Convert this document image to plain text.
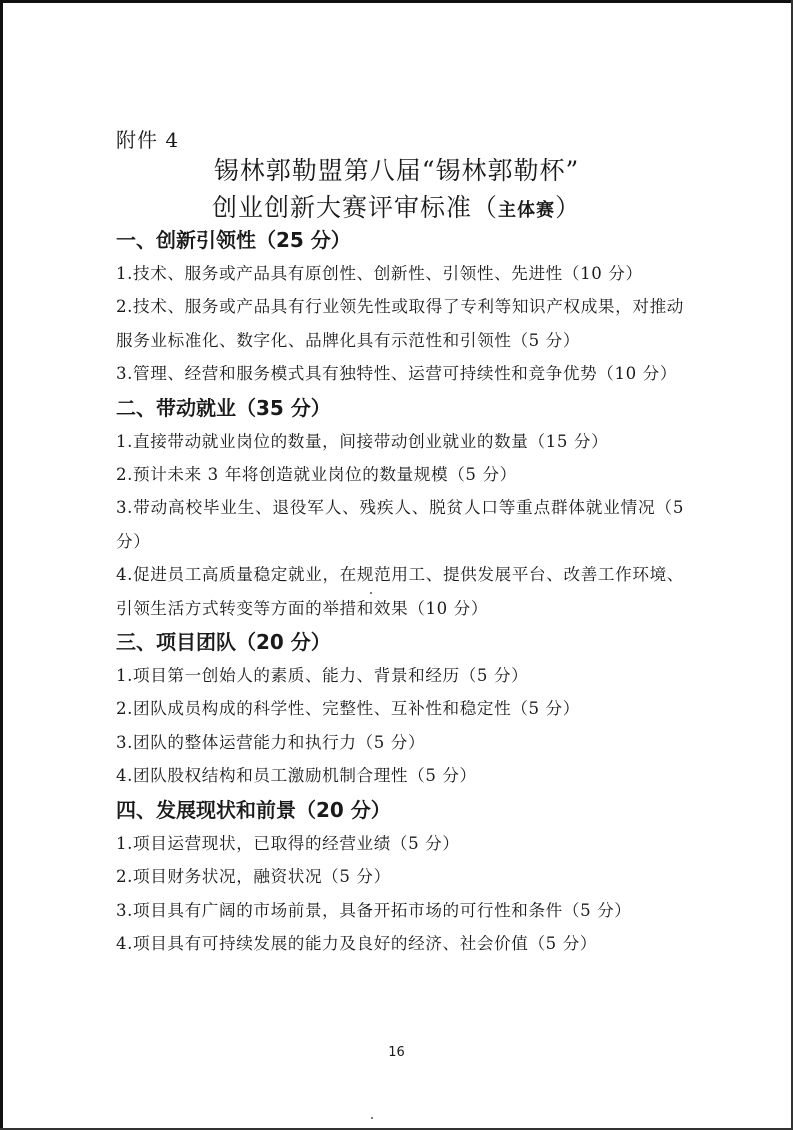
附件 4
锡林郭勒盟第八届“锡林郭勒杯”
创业创新大赛评审标准（主体赛）
一、创新引领性（25 分）
1.技术、服务或产品具有原创性、创新性、引领性、先进性（10 分）
2.技术、服务或产品具有行业领先性或取得了专利等知识产权成果，对推动服务业标准化、数字化、品牌化具有示范性和引领性（5 分）
3.管理、经营和服务模式具有独特性、运营可持续性和竞争优势（10 分）
二、带动就业（35 分）
1.直接带动就业岗位的数量，间接带动创业就业的数量（15 分）
2.预计未来 3 年将创造就业岗位的数量规模（5 分）
3.带动高校毕业生、退役军人、残疾人、脱贫人口等重点群体就业情况（5 分）
4.促进员工高质量稳定就业，在规范用工、提供发展平台、改善工作环境、引领生活方式转变等方面的举措和效果（10 分）
三、项目团队（20 分）
1.项目第一创始人的素质、能力、背景和经历（5 分）
2.团队成员构成的科学性、完整性、互补性和稳定性（5 分）
3.团队的整体运营能力和执行力（5 分）
4.团队股权结构和员工激励机制合理性（5 分）
四、发展现状和前景（20 分）
1.项目运营现状，已取得的经营业绩（5 分）
2.项目财务状况，融资状况（5 分）
3.项目具有广阔的市场前景，具备开拓市场的可行性和条件（5 分）
4.项目具有可持续发展的能力及良好的经济、社会价值（5 分）
16
